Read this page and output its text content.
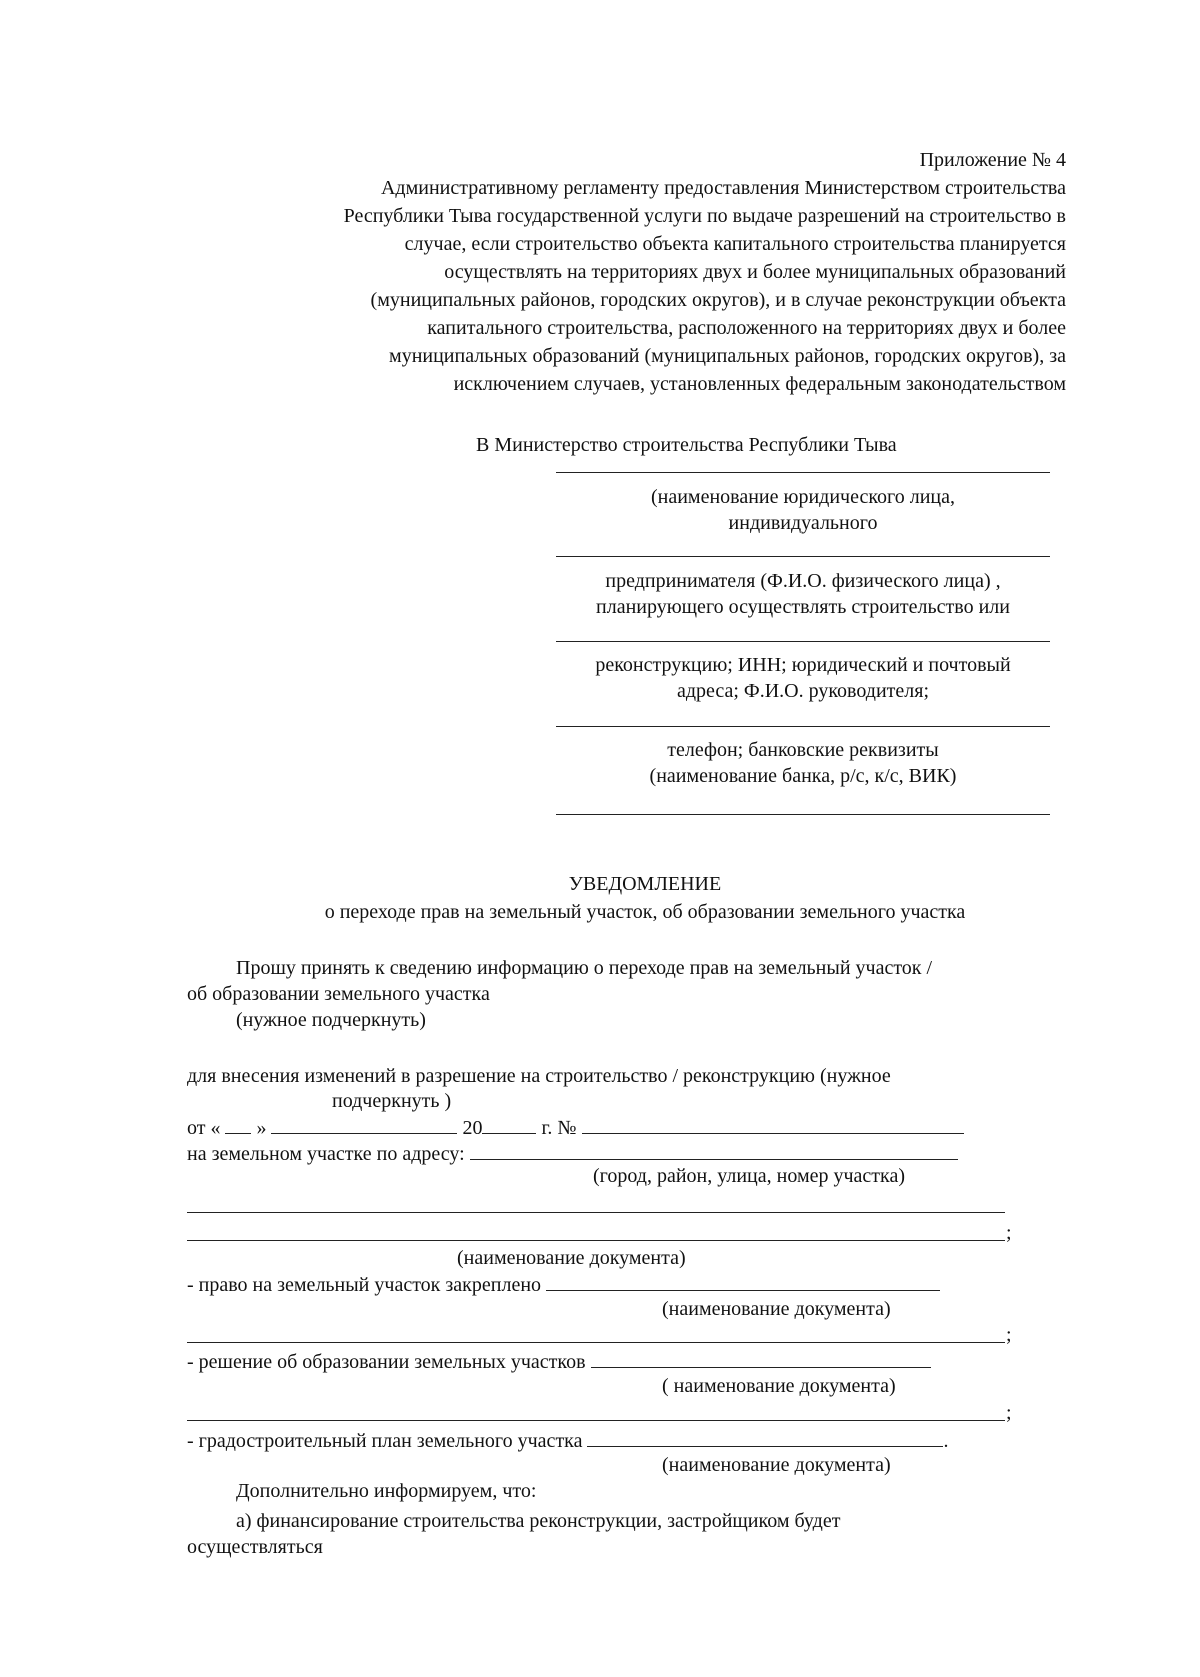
Приложение № 4
Административному регламенту предоставления Министерством строительства
Республики Тыва государственной услуги по выдаче разрешений на строительство в
случае, если строительство объекта капитального строительства планируется
осуществлять на территориях двух и более муниципальных образований
(муниципальных районов, городских округов), и в случае реконструкции объекта
капитального строительства, расположенного на территориях двух и более
муниципальных образований (муниципальных районов, городских округов), за
исключением случаев, установленных федеральным законодательством
В Министерство строительства Республики Тыва
(наименование юридического лица,
индивидуального
предпринимателя (Ф.И.О. физического лица) ,
планирующего осуществлять строительство или
реконструкцию; ИНН; юридический и почтовый
адреса; Ф.И.О. руководителя;
телефон; банковские реквизиты
(наименование банка, р/с, к/с, ВИК)
УВЕДОМЛЕНИЕ
о переходе прав на земельный участок, об образовании земельного участка
Прошу принять к сведению информацию о переходе прав на земельный участок /
об образовании земельного участка
(нужное подчеркнуть)
для внесения изменений в разрешение на строительство / реконструкцию (нужное
подчеркнуть )
от « »	20	г. №
на земельном участке по адресу:
(город, район, улица, номер участка)
;
(наименование документа)
- право на земельный участок закреплено
(наименование документа)
;
- решение об образовании земельных участков
( наименование документа)
;
- градостроительный план земельного участка	.
(наименование документа)
Дополнительно информируем, что:
а) финансирование строительства реконструкции, застройщиком будет
осуществляться
